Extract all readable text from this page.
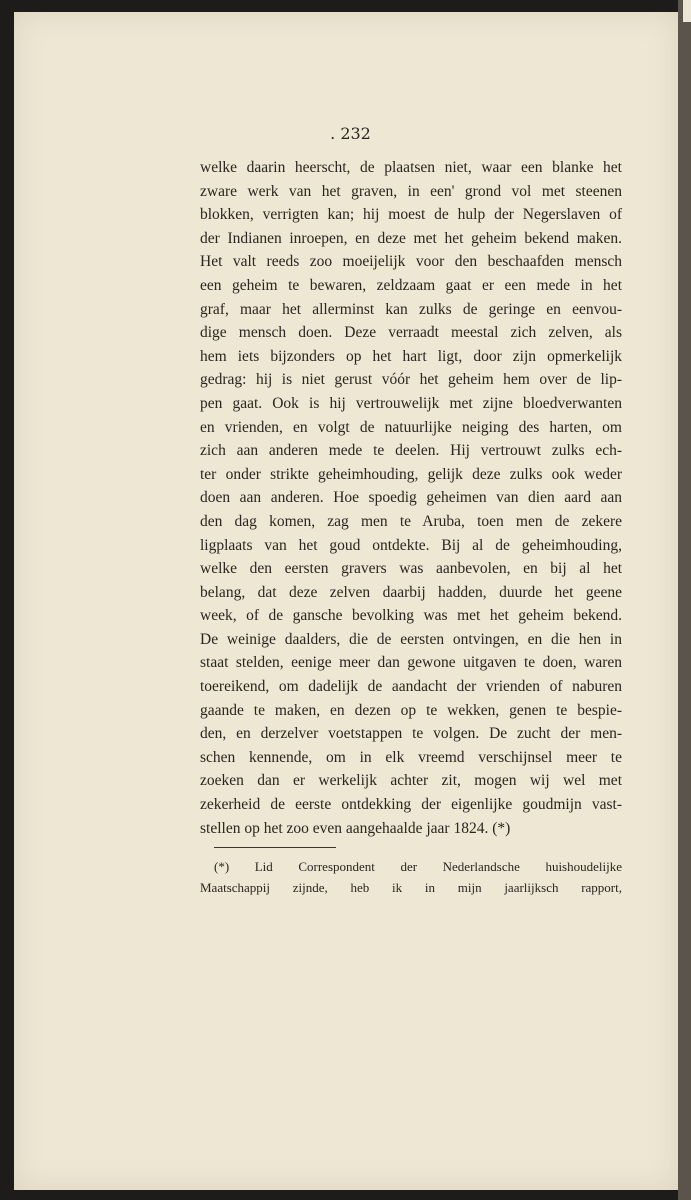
. 232
welke daarin heerscht, de plaatsen niet, waar een blanke het
zware werk van het graven, in een' grond vol met steenen
blokken, verrigten kan; hij moest de hulp der Negerslaven of
der Indianen inroepen, en deze met het geheim bekend maken.
Het valt reeds zoo moeijelijk voor den beschaafden mensch
een geheim te bewaren, zeldzaam gaat er een mede in het
graf, maar het allerminst kan zulks de geringe en eenvou-
dige mensch doen. Deze verraadt meestal zich zelven, als
hem iets bijzonders op het hart ligt, door zijn opmerkelijk
gedrag: hij is niet gerust vóór het geheim hem over de lip-
pen gaat. Ook is hij vertrouwelijk met zijne bloedverwanten
en vrienden, en volgt de natuurlijke neiging des harten, om
zich aan anderen mede te deelen. Hij vertrouwt zulks ech-
ter onder strikte geheimhouding, gelijk deze zulks ook weder
doen aan anderen. Hoe spoedig geheimen van dien aard aan
den dag komen, zag men te Aruba, toen men de zekere
ligplaats van het goud ontdekte. Bij al de geheimhouding,
welke den eersten gravers was aanbevolen, en bij al het
belang, dat deze zelven daarbij hadden, duurde het geene
week, of de gansche bevolking was met het geheim bekend.
De weinige daalders, die de eersten ontvingen, en die hen in
staat stelden, eenige meer dan gewone uitgaven te doen, waren
toereikend, om dadelijk de aandacht der vrienden of naburen
gaande te maken, en dezen op te wekken, genen te bespie-
den, en derzelver voetstappen te volgen. De zucht der men-
schen kennende, om in elk vreemd verschijnsel meer te
zoeken dan er werkelijk achter zit, mogen wij wel met
zekerheid de eerste ontdekking der eigenlijke goudmijn vast-
stellen op het zoo even aangehaalde jaar 1824. (*)
(*) Lid Correspondent der Nederlandsche huishoudelijke
Maatschappij zijnde, heb ik in mijn jaarlijksch rapport,
